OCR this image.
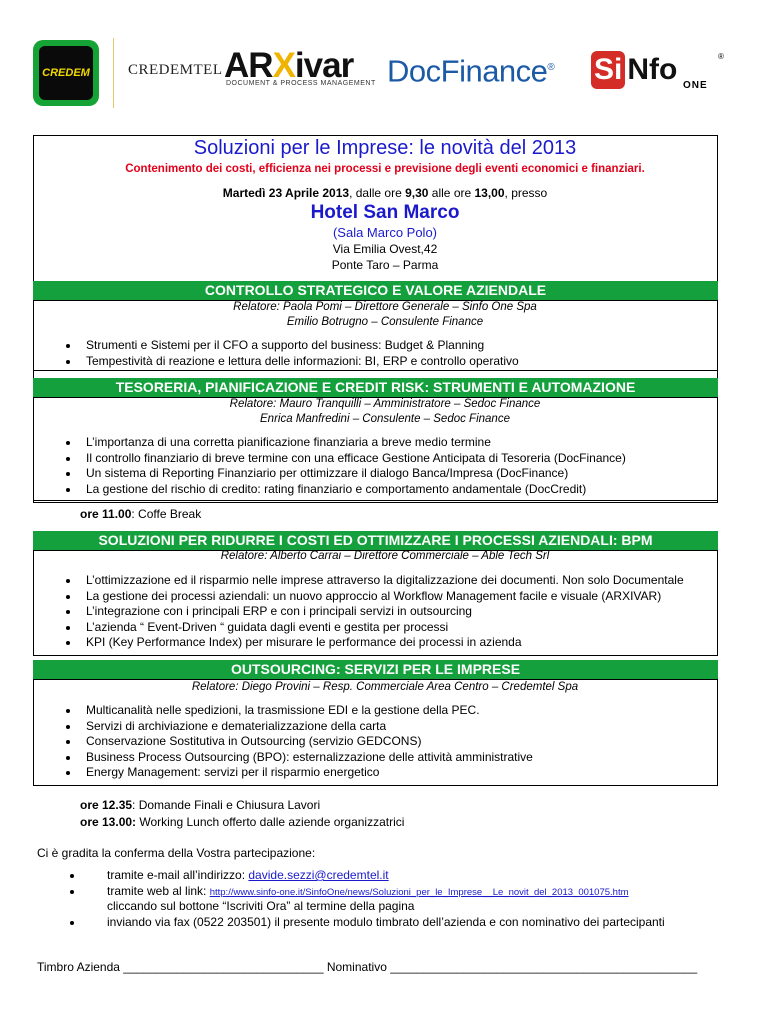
CREDEM	CREDEMTEL ARXivar
DOCUMENT & PROCESS MANAGEMENT DocFinance® Si Nfo ONE
®
Soluzioni per le Imprese: le novità del 2013
Contenimento dei costi, efficienza nei processi e previsione degli eventi economici e finanziari.
Martedì 23 Aprile 2013, dalle ore 9,30 alle ore 13,00, presso
Hotel San Marco
(Sala Marco Polo)
Via Emilia Ovest,42
Ponte Taro – Parma
CONTROLLO STRATEGICO E VALORE AZIENDALE
Relatore: Paola Pomi – Direttore Generale – Sinfo One Spa
Emilio Botrugno – Consulente Finance
Strumenti e Sistemi per il CFO a supporto del business: Budget & Planning
Tempestività di reazione e lettura delle informazioni: BI, ERP e controllo operativo
TESORERIA, PIANIFICAZIONE E CREDIT RISK: STRUMENTI E AUTOMAZIONE
Relatore: Mauro Tranquilli – Amministratore – Sedoc Finance
Enrica Manfredini – Consulente – Sedoc Finance
L’importanza di una corretta pianificazione finanziaria a breve medio termine
Il controllo finanziario di breve termine con una efficace Gestione Anticipata di Tesoreria (DocFinance)
Un sistema di Reporting Finanziario per ottimizzare il dialogo Banca/Impresa (DocFinance)
La gestione del rischio di credito: rating finanziario e comportamento andamentale (DocCredit)
ore 11.00: Coffe Break
SOLUZIONI PER RIDURRE I COSTI ED OTTIMIZZARE I PROCESSI AZIENDALI: BPM
Relatore: Alberto Carrai – Direttore Commerciale – Able Tech Srl
L’ottimizzazione ed il risparmio nelle imprese attraverso la digitalizzazione dei documenti. Non solo Documentale
La gestione dei processi aziendali: un nuovo approccio al Workflow Management facile e visuale (ARXIVAR)
L’integrazione con i principali ERP e con i principali servizi in outsourcing
L’azienda “ Event-Driven “ guidata dagli eventi e gestita per processi
KPI (Key Performance Index) per misurare le performance dei processi in azienda
OUTSOURCING: SERVIZI PER LE IMPRESE
Relatore: Diego Provini – Resp. Commerciale Area Centro – Credemtel Spa
Multicanalità nelle spedizioni, la trasmissione EDI e la gestione della PEC.
Servizi di archiviazione e dematerializzazione della carta
Conservazione Sostitutiva in Outsourcing (servizio GEDCONS)
Business Process Outsourcing (BPO): esternalizzazione delle attività amministrative
Energy Management: servizi per il risparmio energetico
ore 12.35: Domande Finali e Chiusura Lavori
ore 13.00: Working Lunch offerto dalle aziende organizzatrici
Ci è gradita la conferma della Vostra partecipazione:
tramite e-mail all’indirizzo: davide.sezzi@credemtel.it
tramite web al link: http://www.sinfo-one.it/SinfoOne/news/Soluzioni_per_le_Imprese__Le_novit_del_2013_001075.htm
cliccando sul bottone “Iscriviti Ora” al termine della pagina
inviando via fax (0522 203501) il presente modulo timbrato dell’azienda e con nominativo dei partecipanti
Timbro Azienda ______________________________ Nominativo ______________________________________________
